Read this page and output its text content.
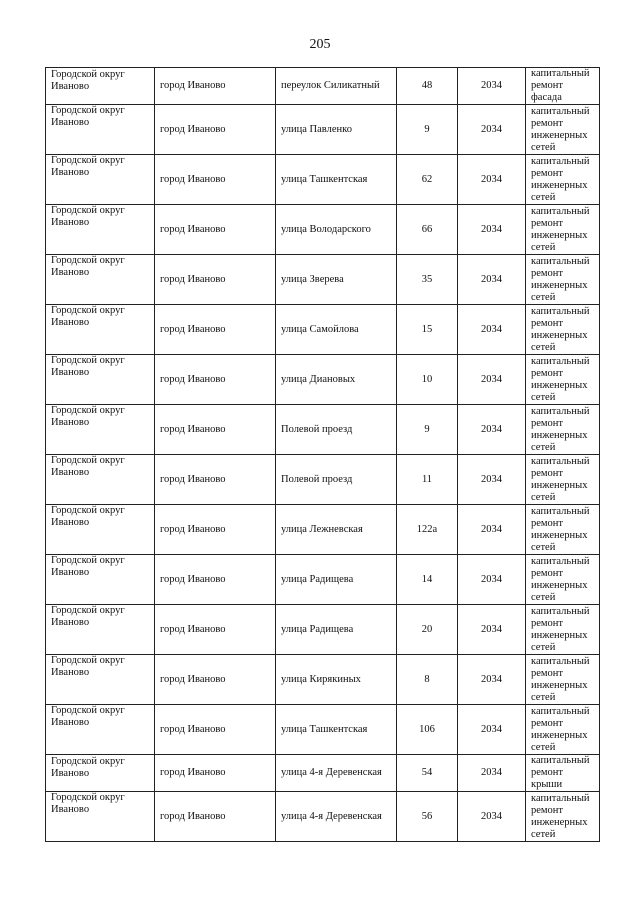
205
Городской округ Иваново	город Иваново	переулок Силикатный	48	2034	капитальный ремонт фасада
Городской округ Иваново	город Иваново	улица Павленко	9	2034	капитальный ремонт инженерных сетей
Городской округ Иваново	город Иваново	улица Ташкентская	62	2034	капитальный ремонт инженерных сетей
Городской округ Иваново	город Иваново	улица Володарского	66	2034	капитальный ремонт инженерных сетей
Городской округ Иваново	город Иваново	улица Зверева	35	2034	капитальный ремонт инженерных сетей
Городской округ Иваново	город Иваново	улица Самойлова	15	2034	капитальный ремонт инженерных сетей
Городской округ Иваново	город Иваново	улица Диановых	10	2034	капитальный ремонт инженерных сетей
Городской округ Иваново	город Иваново	Полевой проезд	9	2034	капитальный ремонт инженерных сетей
Городской округ Иваново	город Иваново	Полевой проезд	11	2034	капитальный ремонт инженерных сетей
Городской округ Иваново	город Иваново	улица Лежневская	122а	2034	капитальный ремонт инженерных сетей
Городской округ Иваново	город Иваново	улица Радищева	14	2034	капитальный ремонт инженерных сетей
Городской округ Иваново	город Иваново	улица Радищева	20	2034	капитальный ремонт инженерных сетей
Городской округ Иваново	город Иваново	улица Кирякиных	8	2034	капитальный ремонт инженерных сетей
Городской округ Иваново	город Иваново	улица Ташкентская	106	2034	капитальный ремонт инженерных сетей
Городской округ Иваново	город Иваново	улица 4-я Деревенская	54	2034	капитальный ремонт крыши
Городской округ Иваново	город Иваново	улица 4-я Деревенская	56	2034	капитальный ремонт инженерных сетей
